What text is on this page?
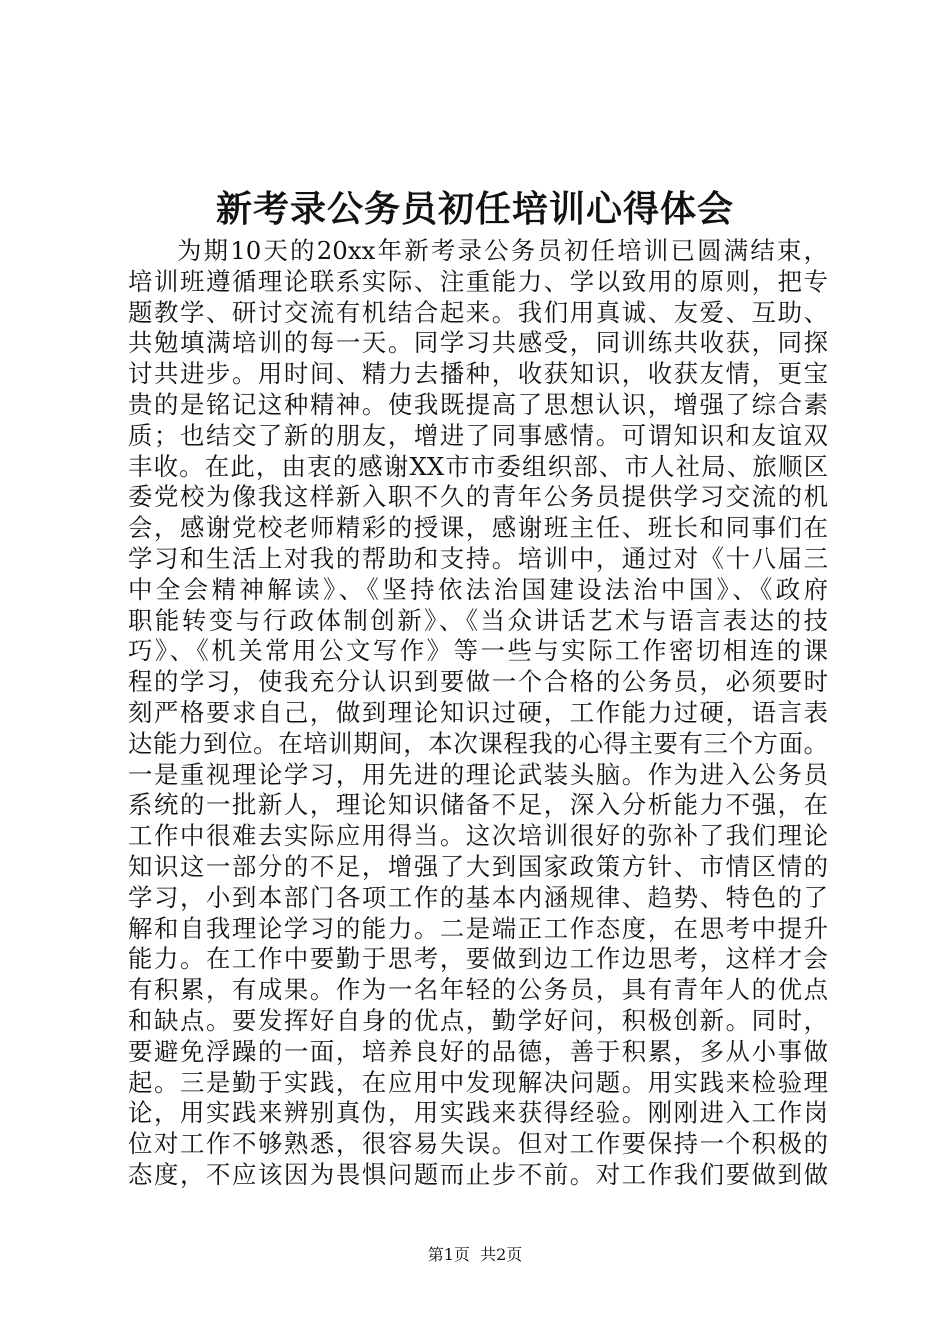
新考录公务员初任培训心得体会
为期10天的20xx年新考录公务员初任培训已圆满结束，
培训班遵循理论联系实际、注重能力、学以致用的原则，把专
题教学、研讨交流有机结合起来。我们用真诚、友爱、互助、
共勉填满培训的每一天。同学习共感受，同训练共收获，同探
讨共进步。用时间、精力去播种，收获知识，收获友情，更宝
贵的是铭记这种精神。使我既提高了思想认识，增强了综合素
质；也结交了新的朋友，增进了同事感情。可谓知识和友谊双
丰收。在此，由衷的感谢XX市市委组织部、市人社局、旅顺区
委党校为像我这样新入职不久的青年公务员提供学习交流的机
会，感谢党校老师精彩的授课，感谢班主任、班长和同事们在
学习和生活上对我的帮助和支持。培训中，通过对《十八届三
中全会精神解读》、《坚持依法治国建设法治中国》、《政府
职能转变与行政体制创新》、《当众讲话艺术与语言表达的技
巧》、《机关常用公文写作》等一些与实际工作密切相连的课
程的学习，使我充分认识到要做一个合格的公务员，必须要时
刻严格要求自己，做到理论知识过硬，工作能力过硬，语言表
达能力到位。在培训期间，本次课程我的心得主要有三个方面。
一是重视理论学习，用先进的理论武装头脑。作为进入公务员
系统的一批新人，理论知识储备不足，深入分析能力不强，在
工作中很难去实际应用得当。这次培训很好的弥补了我们理论
知识这一部分的不足，增强了大到国家政策方针、市情区情的
学习，小到本部门各项工作的基本内涵规律、趋势、特色的了
解和自我理论学习的能力。二是端正工作态度，在思考中提升
能力。在工作中要勤于思考，要做到边工作边思考，这样才会
有积累，有成果。作为一名年轻的公务员，具有青年人的优点
和缺点。要发挥好自身的优点，勤学好问，积极创新。同时，
要避免浮躁的一面，培养良好的品德，善于积累，多从小事做
起。三是勤于实践，在应用中发现解决问题。用实践来检验理
论，用实践来辨别真伪，用实践来获得经验。刚刚进入工作岗
位对工作不够熟悉，很容易失误。但对工作要保持一个积极的
态度，不应该因为畏惧问题而止步不前。对工作我们要做到做
第1页  共2页
